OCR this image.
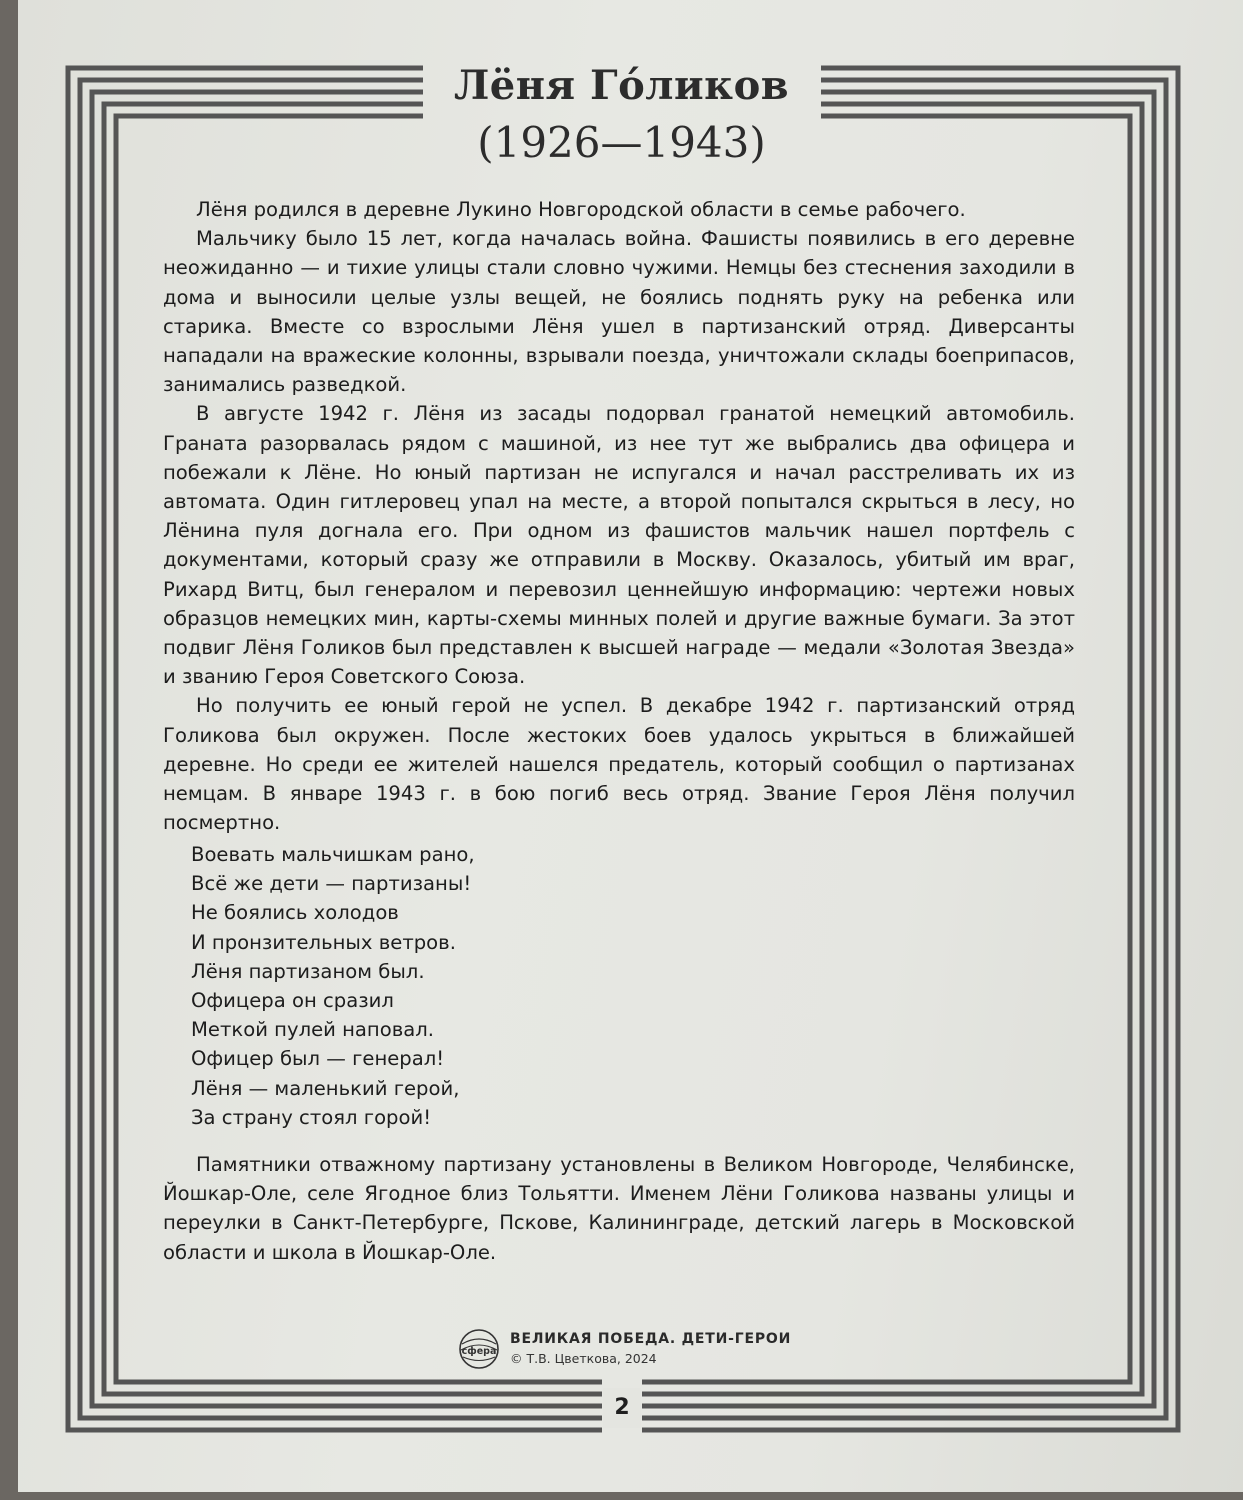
Лёня Го́ликов
(1926—1943)

Лёня родился в деревне Лукино Новгородской области в семье рабочего.

Мальчику было 15 лет, когда началась война. Фашисты появились в его деревне неожиданно — и тихие улицы стали словно чужими. Немцы без стеснения заходили в дома и выносили целые узлы вещей, не боялись поднять руку на ребенка или старика. Вместе со взрослыми Лёня ушел в партизанский отряд. Диверсанты нападали на вражеские колонны, взрывали поезда, уничтожали склады боеприпасов, занимались разведкой.

В августе 1942 г. Лёня из засады подорвал гранатой немецкий автомобиль. Граната разорвалась рядом с машиной, из нее тут же выбрались два офицера и побежали к Лёне. Но юный партизан не испугался и начал расстреливать их из автомата. Один гитлеровец упал на месте, а второй попытался скрыться в лесу, но Лёнина пуля догнала его. При одном из фашистов мальчик нашел портфель с документами, который сразу же отправили в Москву. Оказалось, убитый им враг, Рихард Витц, был генералом и перевозил ценнейшую информацию: чертежи новых образцов немецких мин, карты-схемы минных полей и другие важные бумаги. За этот подвиг Лёня Голиков был представлен к высшей награде — медали «Золотая Звезда» и званию Героя Советского Союза.

Но получить ее юный герой не успел. В декабре 1942 г. партизанский отряд Голикова был окружен. После жестоких боев удалось укрыться в ближайшей деревне. Но среди ее жителей нашелся предатель, который сообщил о партизанах немцам. В январе 1943 г. в бою погиб весь отряд. Звание Героя Лёня получил посмертно.

Воевать мальчишкам рано,
Всё же дети — партизаны!
Не боялись холодов
И пронзительных ветров.
Лёня партизаном был.
Офицера он сразил
Меткой пулей наповал.
Офицер был — генерал!
Лёня — маленький герой,
За страну стоял горой!

Памятники отважному партизану установлены в Великом Новгороде, Челябинске, Йошкар-Оле, селе Ягодное близ Тольятти. Именем Лёни Голикова названы улицы и переулки в Санкт-Петербурге, Пскове, Калининграде, детский лагерь в Московской области и школа в Йошкар-Оле.

сфера
ВЕЛИКАЯ ПОБЕДА. ДЕТИ-ГЕРОИ
© Т.В. Цветкова, 2024
2
